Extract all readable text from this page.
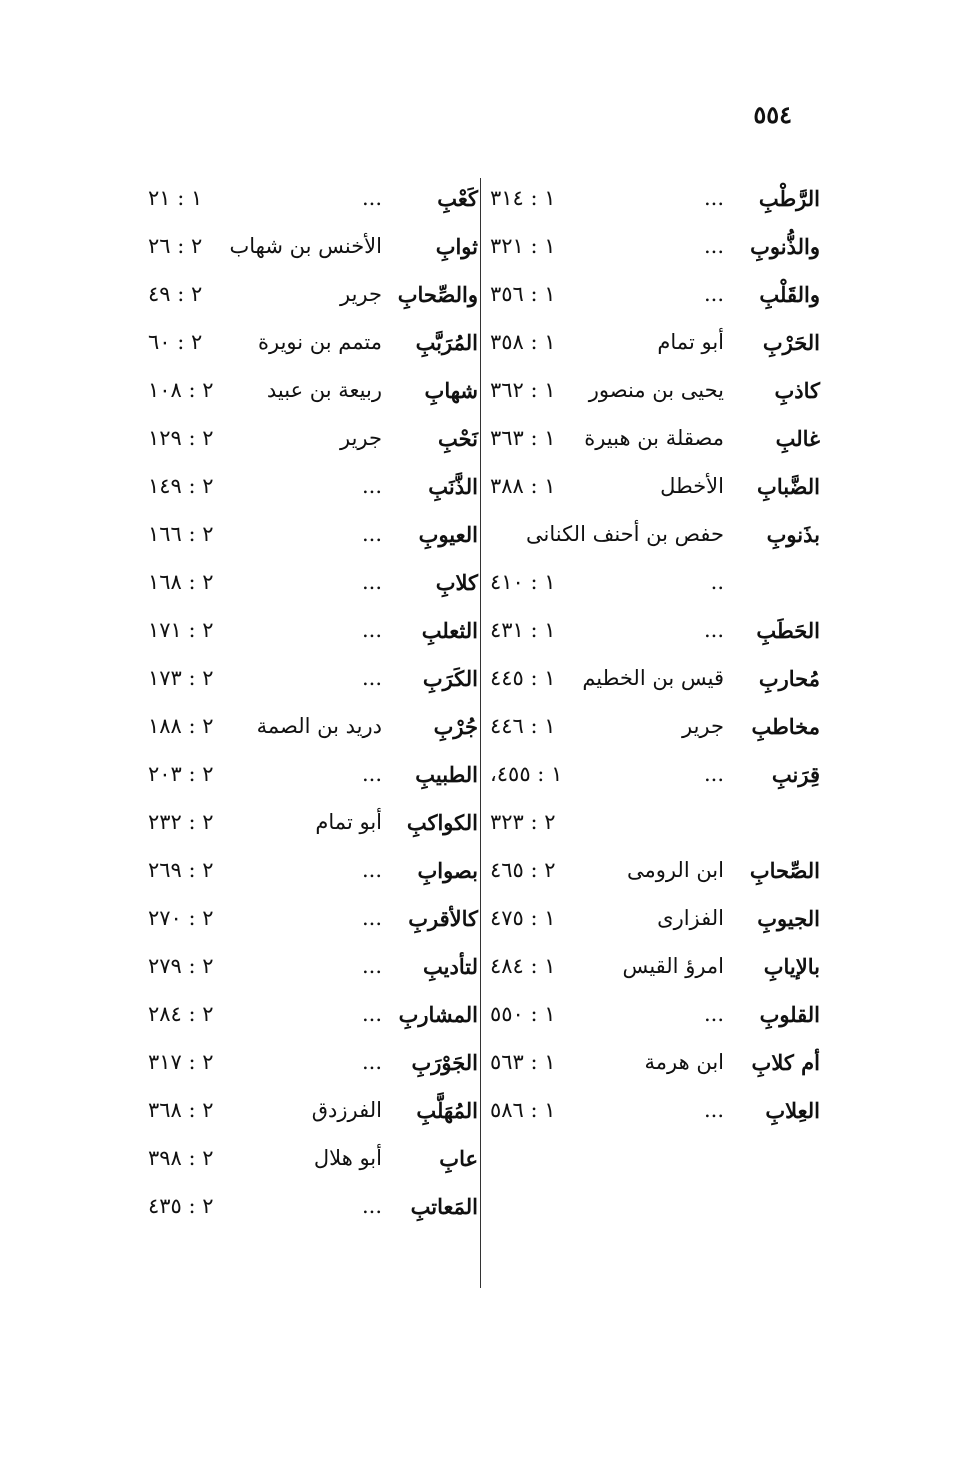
٥٥٤
الرَّطْبِ
...
١ : ٣١٤
والذُّنوبِ
...
١ : ٣٢١
والقَلْبِ
...
١ : ٣٥٦
الحَرْبِ
أبو تمام
١ : ٣٥٨
كاذبِ
يحيى بن منصور
١ : ٣٦٢
غالبِ
مصقلة بن هبيرة
١ : ٣٦٣
الضَّبابِ
الأخطل
١ : ٣٨٨
بذَنوبِ
حفص بن أحنف الكنانى
..
١ : ٤١٠
الحَطَبِ
...
١ : ٤٣١
مُحاربِ
قيس بن الخطيم
١ : ٤٤٥
مخاطبِ
جرير
١ : ٤٤٦
قِرَنبِ
...
١ : ٤٥٥،
٢ : ٣٢٣
الصِّحابِ
ابن الرومى
٢ : ٤٦٥
الجيوبِ
الفزارى
١ : ٤٧٥
بالإيابِ
امرؤ القيس
١ : ٤٨٤
القلوبِ
...
١ : ٥٥٠
أم كلابِ
ابن هرمة
١ : ٥٦٣
العِلابِ
...
١ : ٥٨٦
كَعْبِ
...
١ : ٢١
ثوابِ
الأخنس بن شهاب
٢ : ٢٦
والصِّحابِ
جرير
٢ : ٤٩
المُرَبَّبِ
متمم بن نويرة
٢ : ٦٠
شهابِ
ربيعة بن عبيد
٢ : ١٠٨
نَحْبِ
جرير
٢ : ١٢٩
الذَّنَبِ
...
٢ : ١٤٩
العيوبِ
...
٢ : ١٦٦
كلابِ
...
٢ : ١٦٨
الثعلبِ
...
٢ : ١٧١
الكَرَبِ
...
٢ : ١٧٣
جُرْبِ
دريد بن الصمة
٢ : ١٨٨
الطبيبِ
...
٢ : ٢٠٣
الكواكبِ
أبو تمام
٢ : ٢٣٢
بصوابِ
...
٢ : ٢٦٩
كالأقربِ
...
٢ : ٢٧٠
لتأديبِ
...
٢ : ٢٧٩
المشاربِ
...
٢ : ٢٨٤
الجَوْرَبِ
...
٢ : ٣١٧
المُهَلَّبِ
الفرزدق
٢ : ٣٦٨
عابِ
أبو هلال
٢ : ٣٩٨
المَعاتبِ
...
٢ : ٤٣٥
